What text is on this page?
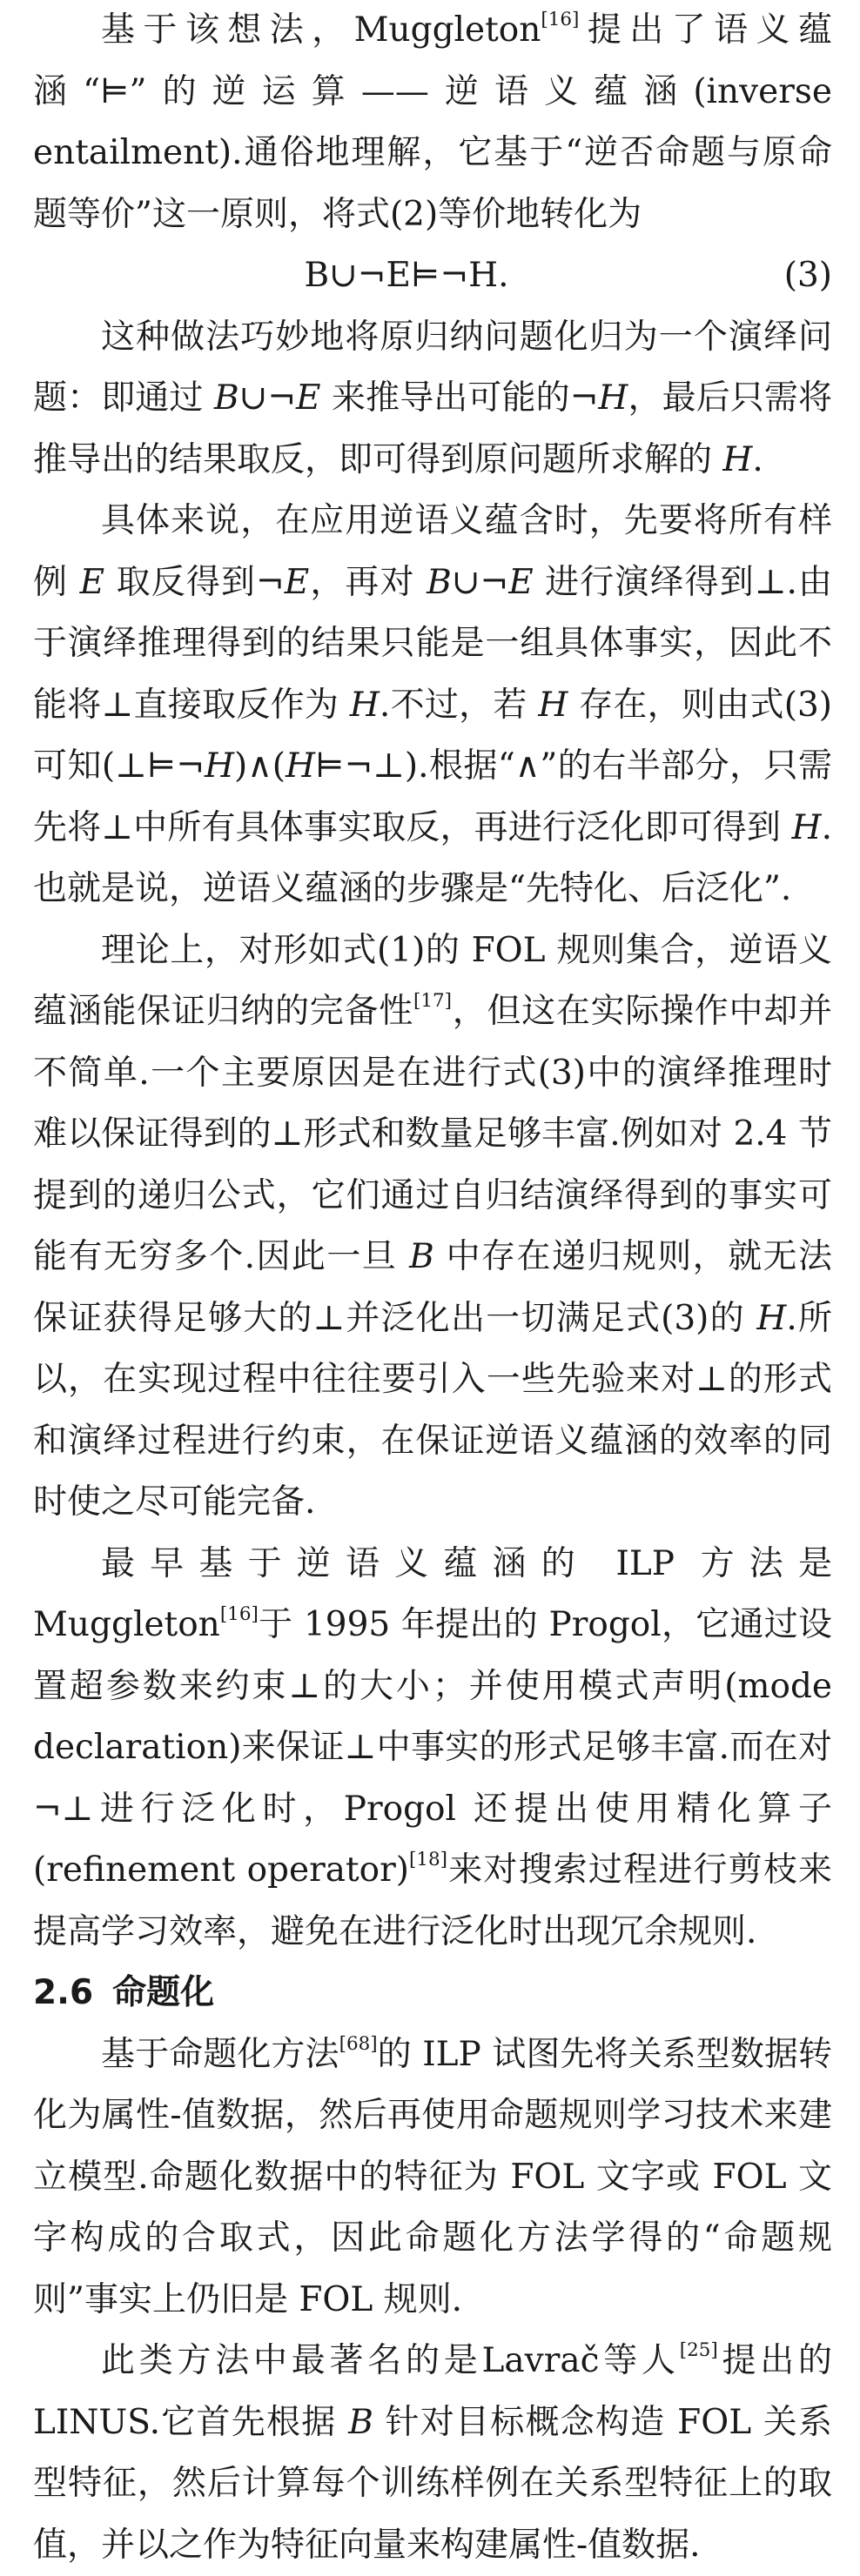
基于该想法，Muggleton[16]提出了语义蕴涵“⊨”的逆运算——逆语义蕴涵(inverse entailment).通俗地理解，它基于“逆否命题与原命题等价”这一原则，将式(2)等价地转化为

B∪¬E⊨¬H.	(3)

这种做法巧妙地将原归纳问题化归为一个演绎问题：即通过 B∪¬E 来推导出可能的¬H，最后只需将推导出的结果取反，即可得到原问题所求解的 H.

具体来说，在应用逆语义蕴含时，先要将所有样例 E 取反得到¬E，再对 B∪¬E 进行演绎得到⊥.由于演绎推理得到的结果只能是一组具体事实，因此不能将⊥直接取反作为 H.不过，若 H 存在，则由式(3)可知(⊥⊨¬H)∧(H⊨¬⊥).根据“∧”的右半部分，只需先将⊥中所有具体事实取反，再进行泛化即可得到 H.也就是说，逆语义蕴涵的步骤是“先特化、后泛化”.

理论上，对形如式(1)的 FOL 规则集合，逆语义蕴涵能保证归纳的完备性[17]，但这在实际操作中却并不简单.一个主要原因是在进行式(3)中的演绎推理时难以保证得到的⊥形式和数量足够丰富.例如对 2.4 节提到的递归公式，它们通过自归结演绎得到的事实可能有无穷多个.因此一旦 B 中存在递归规则，就无法保证获得足够大的⊥并泛化出一切满足式(3)的 H.所以，在实现过程中往往要引入一些先验来对⊥的形式和演绎过程进行约束，在保证逆语义蕴涵的效率的同时使之尽可能完备.

最早基于逆语义蕴涵的 ILP 方法是 Muggleton[16]于 1995 年提出的 Progol，它通过设置超参数来约束⊥的大小；并使用模式声明(mode declaration)来保证⊥中事实的形式足够丰富.而在对¬⊥进行泛化时，Progol 还提出使用精化算子(refinement operator)[18]来对搜索过程进行剪枝来提高学习效率，避免在进行泛化时出现冗余规则.

2.6 命题化

基于命题化方法[68]的 ILP 试图先将关系型数据转化为属性-值数据，然后再使用命题规则学习技术来建立模型.命题化数据中的特征为 FOL 文字或 FOL 文字构成的合取式，因此命题化方法学得的“命题规则”事实上仍旧是 FOL 规则.

此类方法中最著名的是Lavrač等人[25]提出的 LINUS.它首先根据 B 针对目标概念构造 FOL 关系型特征，然后计算每个训练样例在关系型特征上的取值，并以之作为特征向量来构建属性-值数据.
